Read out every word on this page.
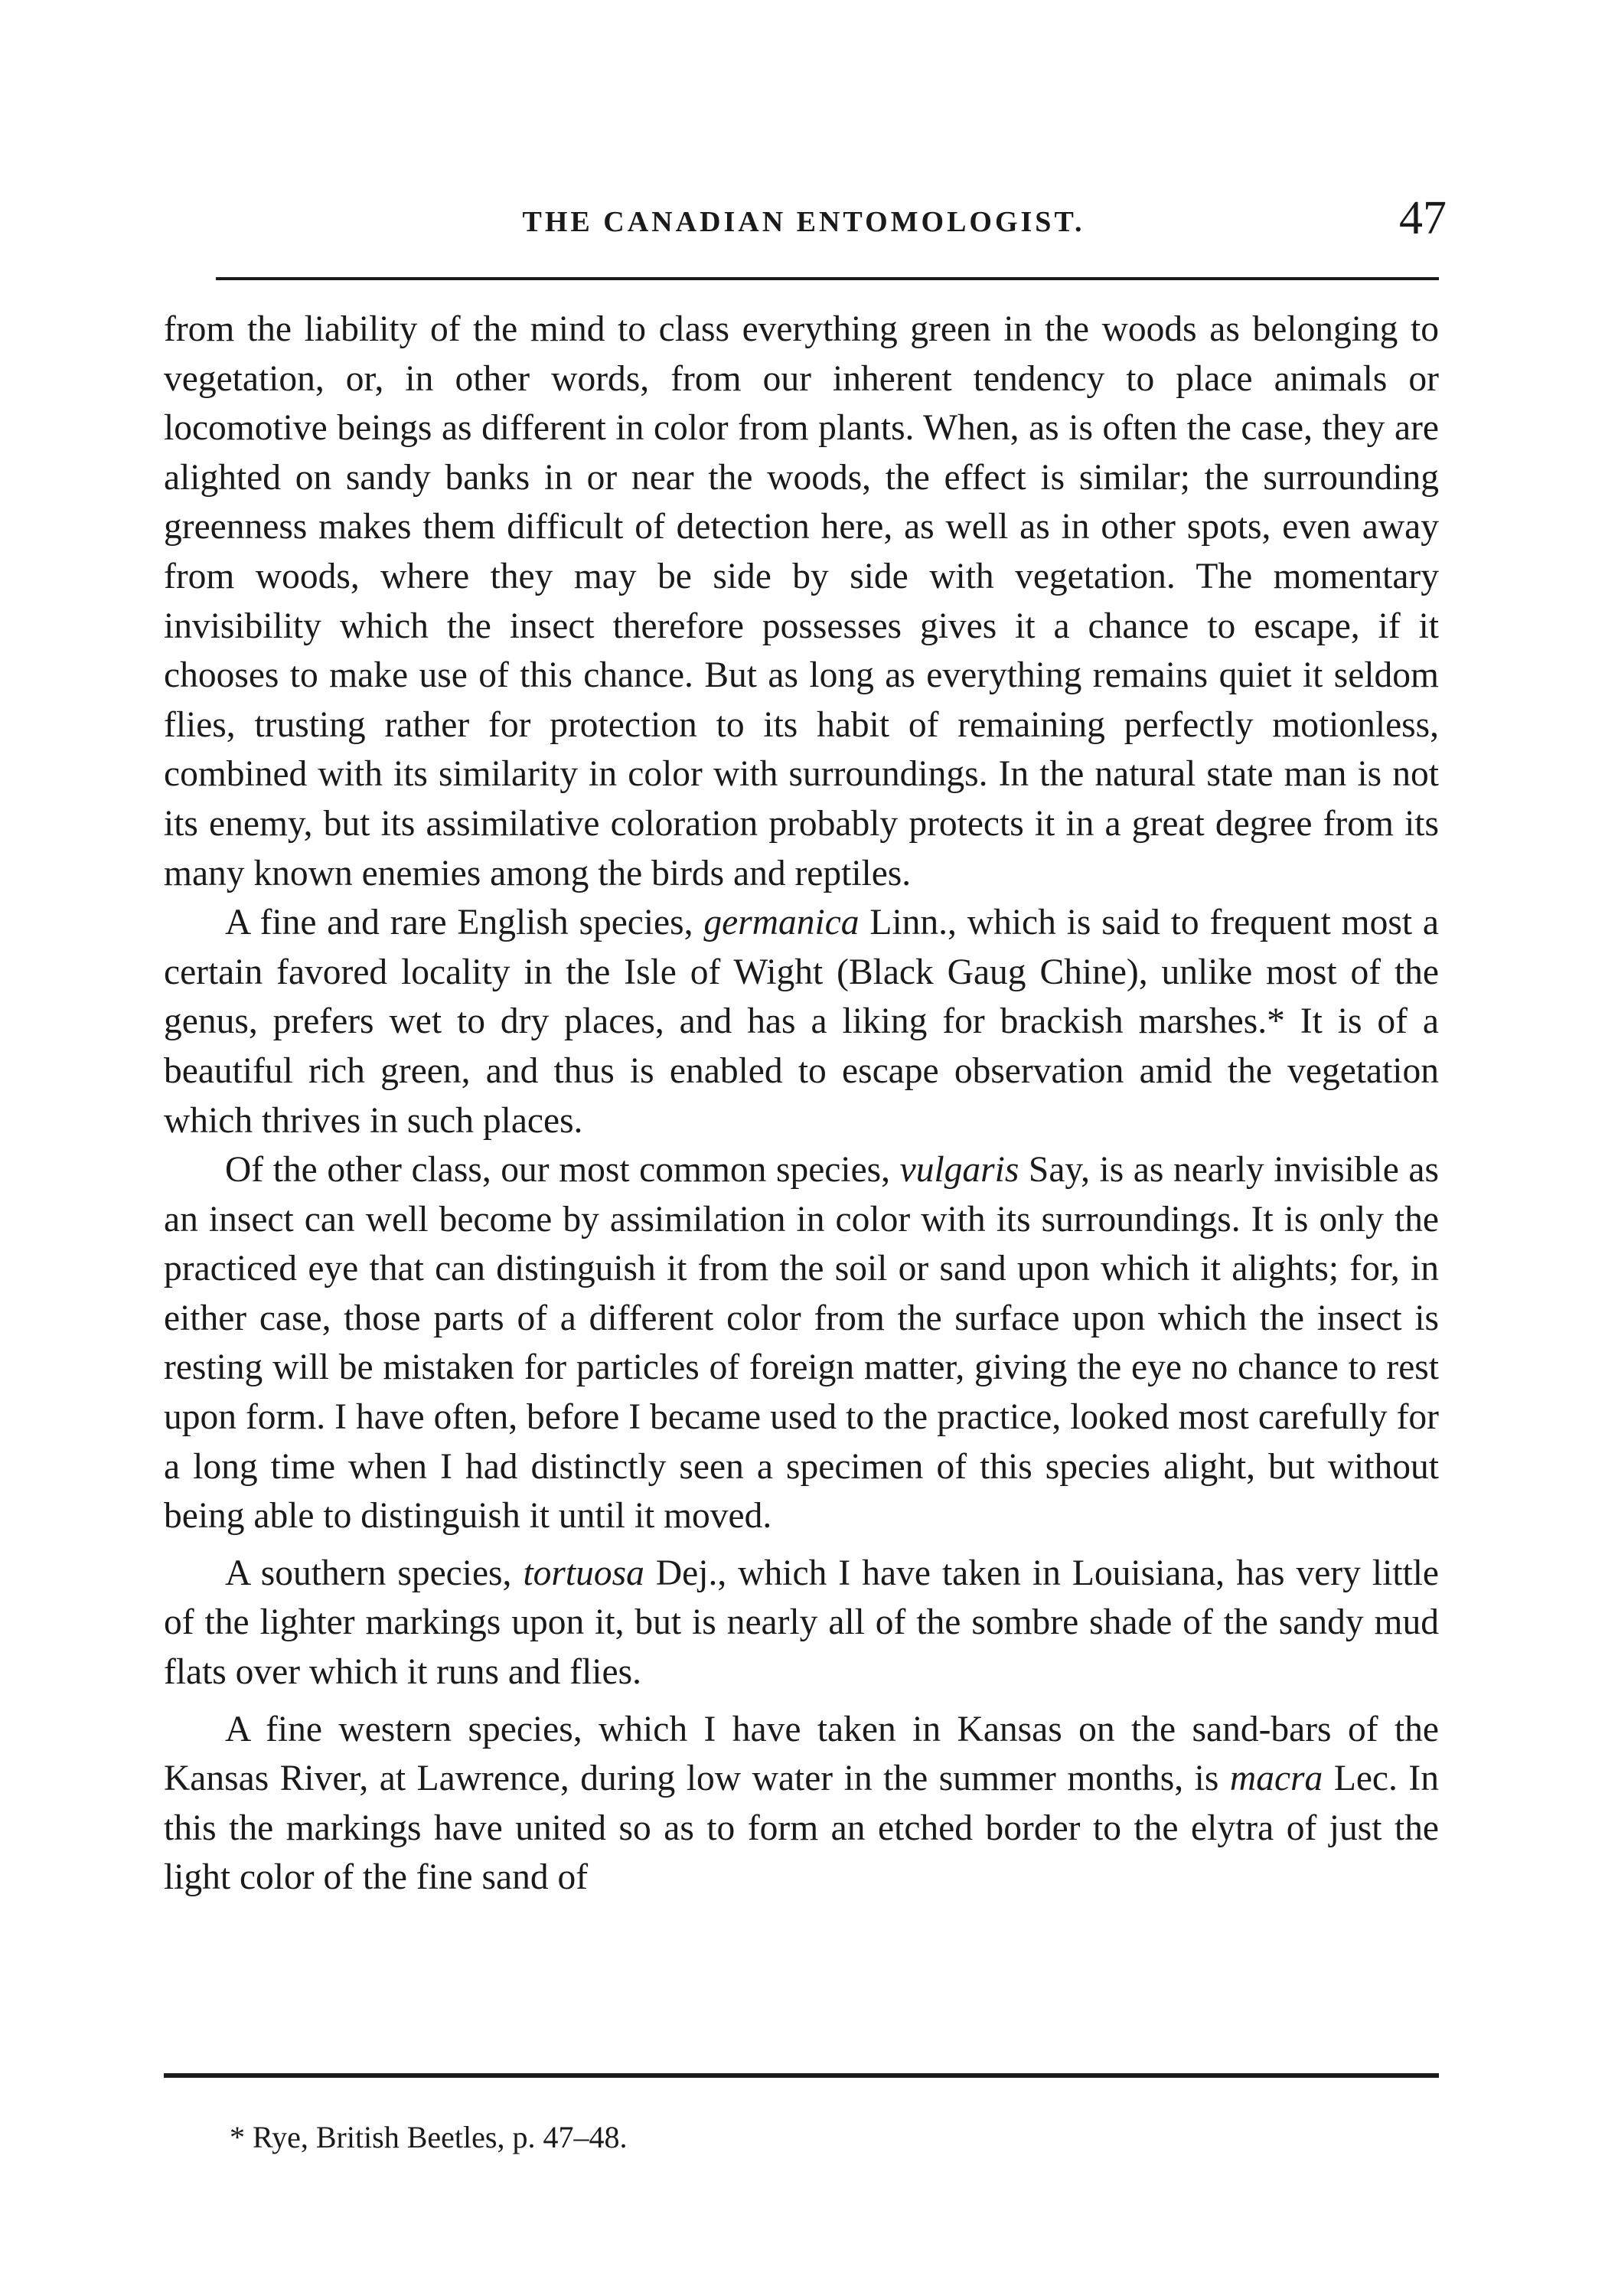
THE CANADIAN ENTOMOLOGIST.	47

from the liability of the mind to class everything green in the woods as belonging to vegetation, or, in other words, from our inherent tendency to place animals or locomotive beings as different in color from plants. When, as is often the case, they are alighted on sandy banks in or near the woods, the effect is similar; the surrounding greenness makes them difficult of detection here, as well as in other spots, even away from woods, where they may be side by side with vegetation. The momentary invisibility which the insect therefore possesses gives it a chance to escape, if it chooses to make use of this chance. But as long as everything remains quiet it seldom flies, trusting rather for protection to its habit of remaining perfectly motionless, combined with its similarity in color with surroundings. In the natural state man is not its enemy, but its assimilative coloration probably protects it in a great degree from its many known enemies among the birds and reptiles.

A fine and rare English species, germanica Linn., which is said to frequent most a certain favored locality in the Isle of Wight (Black Gaug Chine), unlike most of the genus, prefers wet to dry places, and has a liking for brackish marshes.* It is of a beautiful rich green, and thus is enabled to escape observation amid the vegetation which thrives in such places.

Of the other class, our most common species, vulgaris Say, is as nearly invisible as an insect can well become by assimilation in color with its surroundings. It is only the practiced eye that can distinguish it from the soil or sand upon which it alights; for, in either case, those parts of a different color from the surface upon which the insect is resting will be mistaken for particles of foreign matter, giving the eye no chance to rest upon form. I have often, before I became used to the practice, looked most carefully for a long time when I had distinctly seen a specimen of this species alight, but without being able to distinguish it until it moved.

A southern species, tortuosa Dej., which I have taken in Louisiana, has very little of the lighter markings upon it, but is nearly all of the sombre shade of the sandy mud flats over which it runs and flies.

A fine western species, which I have taken in Kansas on the sand-bars of the Kansas River, at Lawrence, during low water in the summer months, is macra Lec. In this the markings have united so as to form an etched border to the elytra of just the light color of the fine sand of

* Rye, British Beetles, p. 47–48.
